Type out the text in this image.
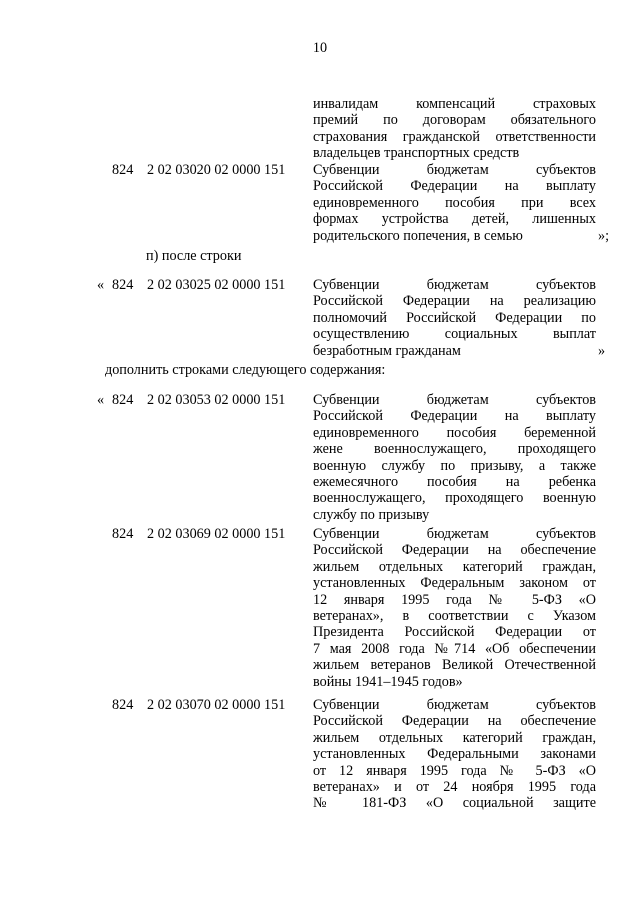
10
инвалидам компенсаций страховых
премий по договорам обязательного
страхования гражданской ответственности
владельцев транспортных средств
824 2 02 03020 02 0000 151 Субвенции бюджетам субъектов
Российской Федерации на выплату
единовременного пособия при всех
формах устройства детей, лишенных
родительского попечения, в семью	»;
п) после строки
« 824 2 02 03025 02 0000 151 Субвенции бюджетам субъектов
Российской Федерации на реализацию
полномочий Российской Федерации по
осуществлению социальных выплат
безработным гражданам	»
дополнить строками следующего содержания:
« 824 2 02 03053 02 0000 151 Субвенции бюджетам субъектов
Российской Федерации на выплату
единовременного пособия беременной
жене военнослужащего, проходящего
военную службу по призыву, а также
ежемесячного пособия на ребенка
военнослужащего, проходящего военную
службу по призыву
824 2 02 03069 02 0000 151 Субвенции бюджетам субъектов
Российской Федерации на обеспечение
жильем отдельных категорий граждан,
установленных Федеральным законом от
12 января 1995 года № 5-ФЗ «О
ветеранах», в соответствии с Указом
Президента Российской Федерации от
7 мая 2008 года №714 «Об обеспечении
жильем ветеранов Великой Отечественной
войны 1941–1945 годов»
824 2 02 03070 02 0000 151 Субвенции бюджетам субъектов
Российской Федерации на обеспечение
жильем отдельных категорий граждан,
установленных Федеральными законами
от 12 января 1995 года № 5-ФЗ «О
ветеранах» и от 24 ноября 1995 года
№ 181-ФЗ «О социальной защите
